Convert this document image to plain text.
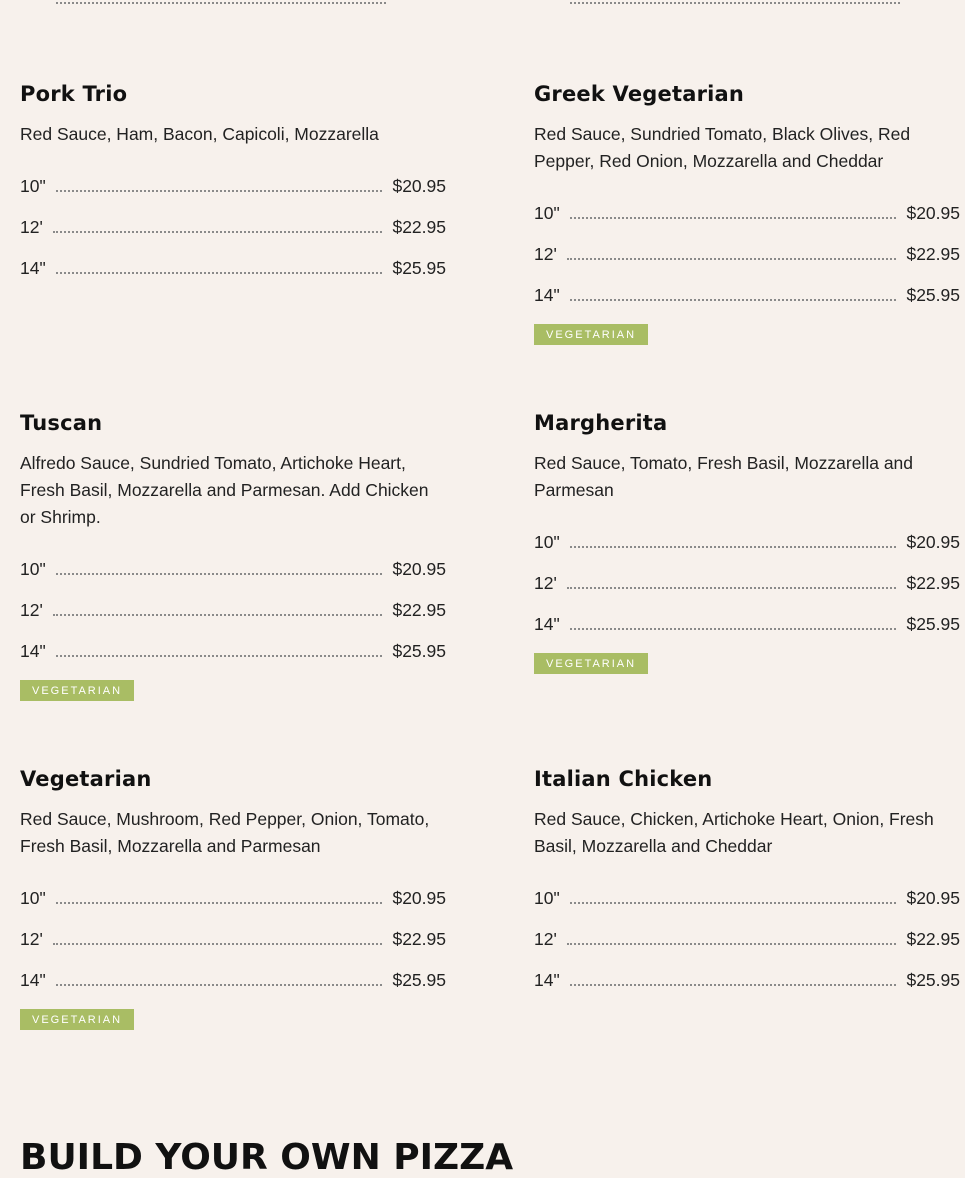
Pork Trio

Red Sauce, Ham, Bacon, Capicoli, Mozzarella

10"	$20.95
12'	$22.95
14"	$25.95
Greek Vegetarian

Red Sauce, Sundried Tomato, Black Olives, Red Pepper, Red Onion, Mozzarella and Cheddar

10"	$20.95
12'	$22.95
14"	$25.95
VEGETARIAN
Tuscan

Alfredo Sauce, Sundried Tomato, Artichoke Heart, Fresh Basil, Mozzarella and Parmesan. Add Chicken or Shrimp.

10"	$20.95
12'	$22.95
14"	$25.95
VEGETARIAN
Margherita

Red Sauce, Tomato, Fresh Basil, Mozzarella and Parmesan

10"	$20.95
12'	$22.95
14"	$25.95
VEGETARIAN
Vegetarian

Red Sauce, Mushroom, Red Pepper, Onion, Tomato, Fresh Basil, Mozzarella and Parmesan

10"	$20.95
12'	$22.95
14"	$25.95
VEGETARIAN
Italian Chicken

Red Sauce, Chicken, Artichoke Heart, Onion, Fresh Basil, Mozzarella and Cheddar

10"	$20.95
12'	$22.95
14"	$25.95
BUILD YOUR OWN PIZZA
